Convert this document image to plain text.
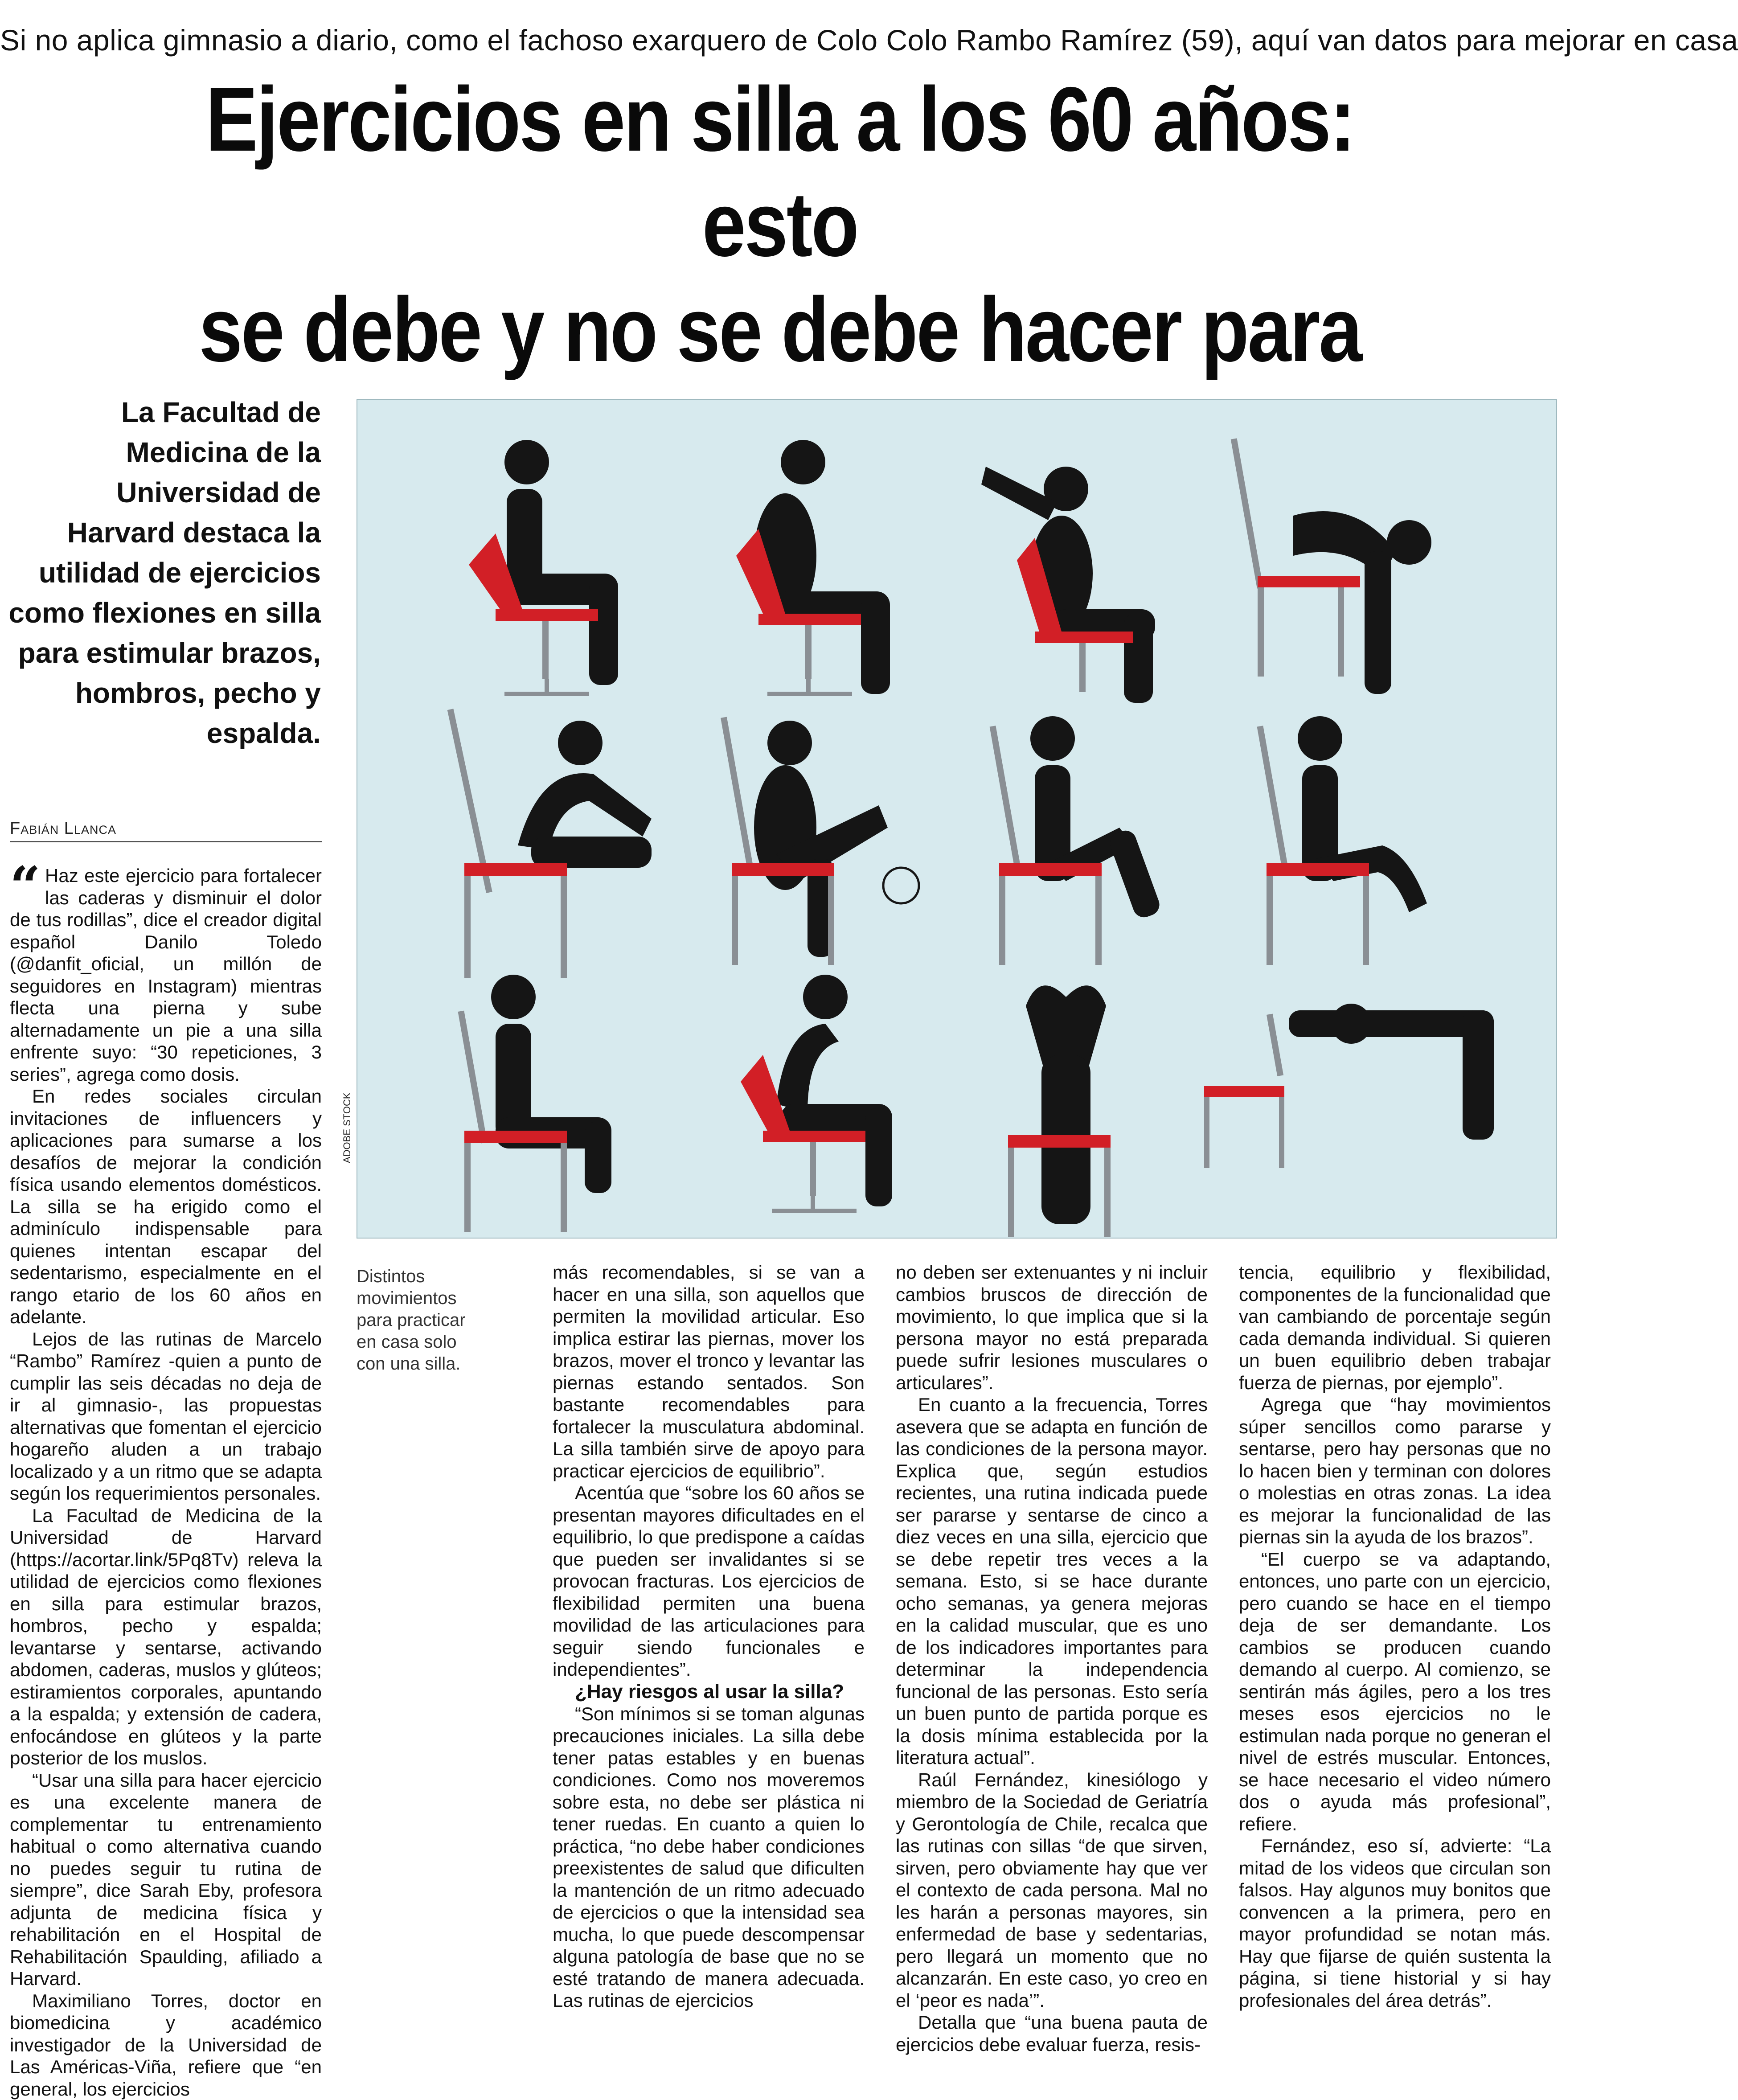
Si no aplica gimnasio a diario, como el fachoso exarquero de Colo Colo Rambo Ramírez (59), aquí van datos para mejorar en casa
Ejercicios en silla a los 60 años: esto
se debe y no se debe hacer para
La Facultad de Medicina de la Universidad de Harvard destaca la utilidad de ejercicios como flexiones en silla para estimular brazos, hombros, pecho y espalda.
Fabián Llanca
ADOBE STOCK
Distintos movimientos para practicar en casa solo con una silla.
“ Haz este ejercicio para fortalecer las caderas y disminuir el dolor de tus rodillas”, dice el creador digital español Danilo Toledo (@danfit_oficial, un millón de seguidores en Instagram) mientras flecta una pierna y sube alternadamente un pie a una silla enfrente suyo: “30 repeticiones, 3 series”, agrega como dosis.

En redes sociales circulan invitaciones de influencers y aplicaciones para sumarse a los desafíos de mejorar la condición física usando elementos domésticos. La silla se ha erigido como el adminículo indispensable para quienes intentan escapar del sedentarismo, especialmente en el rango etario de los 60 años en adelante.

Lejos de las rutinas de Marcelo “Rambo” Ramírez -quien a punto de cumplir las seis décadas no deja de ir al gimnasio-, las propuestas alternativas que fomentan el ejercicio hogareño aluden a un trabajo localizado y a un ritmo que se adapta según los requerimientos personales.

La Facultad de Medicina de la Universidad de Harvard (https://acortar.link/5Pq8Tv) releva la utilidad de ejercicios como flexiones en silla para estimular brazos, hombros, pecho y espalda; levantarse y sentarse, activando abdomen, caderas, muslos y glúteos; estiramientos corporales, apuntando a la espalda; y extensión de cadera, enfocándose en glúteos y la parte posterior de los muslos.

“Usar una silla para hacer ejercicio es una excelente manera de complementar tu entrenamiento habitual o como alternativa cuando no puedes seguir tu rutina de siempre”, dice Sarah Eby, profesora adjunta de medicina física y rehabilitación en el Hospital de Rehabilitación Spaulding, afiliado a Harvard.

Maximiliano Torres, doctor en biomedicina y académico investigador de la Universidad de Las Américas-Viña, refiere que “en general, los ejercicios

más recomendables, si se van a hacer en una silla, son aquellos que permiten la movilidad articular. Eso implica estirar las piernas, mover los brazos, mover el tronco y levantar las piernas estando sentados. Son bastante recomendables para fortalecer la musculatura abdominal. La silla también sirve de apoyo para practicar ejercicios de equilibrio”.

Acentúa que “sobre los 60 años se presentan mayores dificultades en el equilibrio, lo que predispone a caídas que pueden ser invalidantes si se provocan fracturas. Los ejercicios de flexibilidad permiten una buena movilidad de las articulaciones para seguir siendo funcionales e independientes”.

¿Hay riesgos al usar la silla?

“Son mínimos si se toman algunas precauciones iniciales. La silla debe tener patas estables y en buenas condiciones. Como nos moveremos sobre esta, no debe ser plástica ni tener ruedas. En cuanto a quien lo práctica, “no debe haber condiciones preexistentes de salud que dificulten la mantención de un ritmo adecuado de ejercicios o que la intensidad sea mucha, lo que puede descompensar alguna patología de base que no se esté tratando de manera adecuada. Las rutinas de ejercicios

no deben ser extenuantes y ni incluir cambios bruscos de dirección de movimiento, lo que implica que si la persona mayor no está preparada puede sufrir lesiones musculares o articulares”.

En cuanto a la frecuencia, Torres asevera que se adapta en función de las condiciones de la persona mayor. Explica que, según estudios recientes, una rutina indicada puede ser pararse y sentarse de cinco a diez veces en una silla, ejercicio que se debe repetir tres veces a la semana. Esto, si se hace durante ocho semanas, ya genera mejoras en la calidad muscular, que es uno de los indicadores importantes para determinar la independencia funcional de las personas. Esto sería un buen punto de partida porque es la dosis mínima establecida por la literatura actual”.

Raúl Fernández, kinesiólogo y miembro de la Sociedad de Geriatría y Gerontología de Chile, recalca que las rutinas con sillas “de que sirven, sirven, pero obviamente hay que ver el contexto de cada persona. Mal no les harán a personas mayores, sin enfermedad de base y sedentarias, pero llegará un momento que no alcanzarán. En este caso, yo creo en el ‘peor es nada’”.

Detalla que “una buena pauta de ejercicios debe evaluar fuerza, resis-

tencia, equilibrio y flexibilidad, componentes de la funcionalidad que van cambiando de porcentaje según cada demanda individual. Si quieren un buen equilibrio deben trabajar fuerza de piernas, por ejemplo”.

Agrega que “hay movimientos súper sencillos como pararse y sentarse, pero hay personas que no lo hacen bien y terminan con dolores o molestias en otras zonas. La idea es mejorar la funcionalidad de las piernas sin la ayuda de los brazos”.

“El cuerpo se va adaptando, entonces, uno parte con un ejercicio, pero cuando se hace en el tiempo deja de ser demandante. Los cambios se producen cuando demando al cuerpo. Al comienzo, se sentirán más ágiles, pero a los tres meses esos ejercicios no le estimulan nada porque no generan el nivel de estrés muscular. Entonces, se hace necesario el video número dos o ayuda más profesional”, refiere.

Fernández, eso sí, advierte: “La mitad de los videos que circulan son falsos. Hay algunos muy bonitos que convencen a la primera, pero en mayor profundidad se notan más. Hay que fijarse de quién sustenta la página, si tiene historial y si hay profesionales del área detrás”.
